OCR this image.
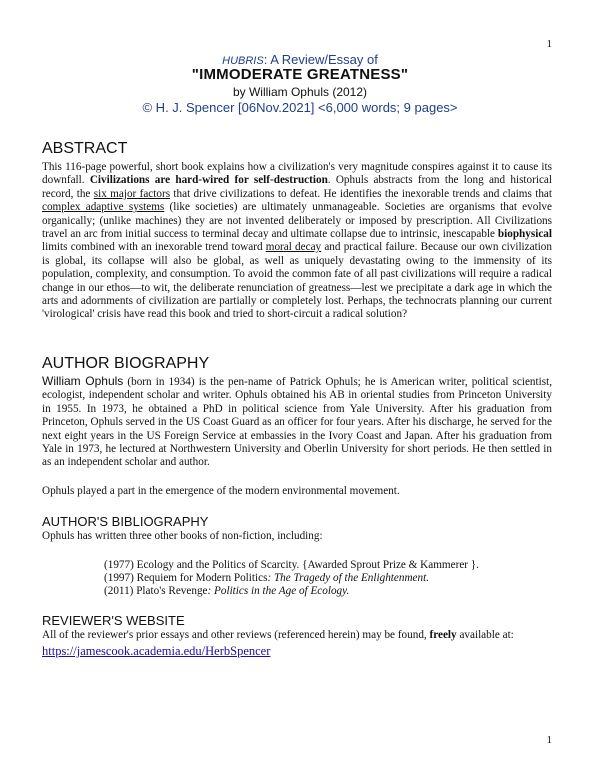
1
HUBRIS: A Review/Essay of
"IMMODERATE GREATNESS"
by William Ophuls (2012)
© H. J. Spencer [06Nov.2021] <6,000 words; 9 pages>
ABSTRACT
This 116-page powerful, short book explains how a civilization's very magnitude conspires against it to cause its downfall. Civilizations are hard-wired for self-destruction. Ophuls abstracts from the long and historical record, the six major factors that drive civilizations to defeat. He identifies the inexorable trends and claims that complex adaptive systems (like societies) are ultimately unmanageable. Societies are organisms that evolve organically; (unlike machines) they are not invented deliberately or imposed by prescription. All Civilizations travel an arc from initial success to terminal decay and ultimate collapse due to intrinsic, inescapable biophysical limits combined with an inexorable trend toward moral decay and practical failure. Because our own civilization is global, its collapse will also be global, as well as uniquely devastating owing to the immensity of its population, complexity, and consumption. To avoid the common fate of all past civilizations will require a radical change in our ethos—to wit, the deliberate renunciation of greatness—lest we precipitate a dark age in which the arts and adornments of civilization are partially or completely lost. Perhaps, the technocrats planning our current 'virological' crisis have read this book and tried to short-circuit a radical solution?
AUTHOR BIOGRAPHY
William Ophuls (born in 1934) is the pen-name of Patrick Ophuls; he is American writer, political scientist, ecologist, independent scholar and writer. Ophuls obtained his AB in oriental studies from Princeton University in 1955. In 1973, he obtained a PhD in political science from Yale University. After his graduation from Princeton, Ophuls served in the US Coast Guard as an officer for four years. After his discharge, he served for the next eight years in the US Foreign Service at embassies in the Ivory Coast and Japan. After his graduation from Yale in 1973, he lectured at Northwestern University and Oberlin University for short periods. He then settled in as an independent scholar and author.
Ophuls played a part in the emergence of the modern environmental movement.
AUTHOR'S BIBLIOGRAPHY
Ophuls has written three other books of non-fiction, including:
(1977) Ecology and the Politics of Scarcity. {Awarded Sprout Prize & Kammerer }.
(1997) Requiem for Modern Politics: The Tragedy of the Enlightenment.
(2011) Plato's Revenge: Politics in the Age of Ecology.
REVIEWER'S WEBSITE
All of the reviewer's prior essays and other reviews (referenced herein) may be found, freely available at:
https://jamescook.academia.edu/HerbSpencer
1
